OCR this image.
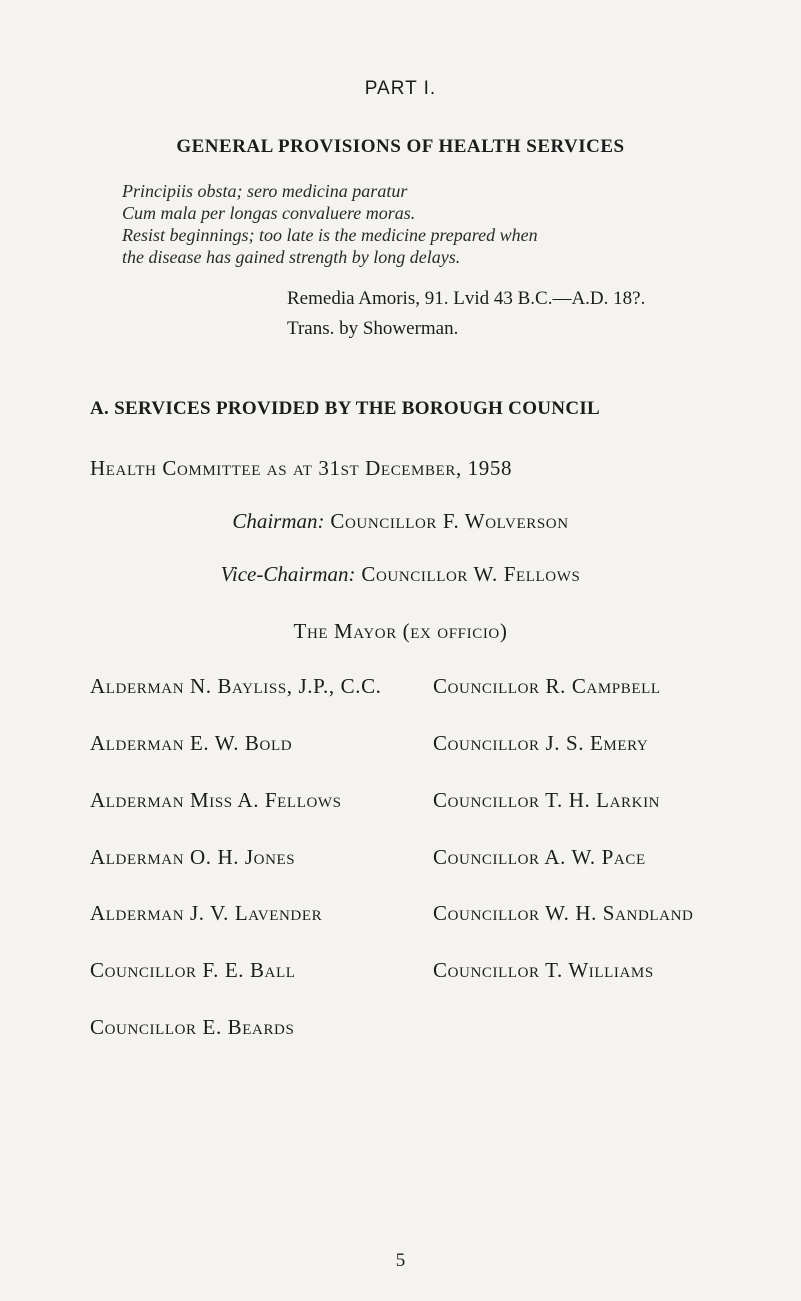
PART I.
GENERAL PROVISIONS OF HEALTH SERVICES
Principiis obsta; sero medicina paratur
Cum mala per longas convaluere moras.
Resist beginnings; too late is the medicine prepared when
the disease has gained strength by long delays.
Remedia Amoris, 91. Lvid 43 B.C.—A.D. 18?.
Trans. by Showerman.
A. SERVICES PROVIDED BY THE BOROUGH COUNCIL
Health Committee as at 31st December, 1958
Chairman: Councillor F. Wolverson
Vice-Chairman: Councillor W. Fellows
The Mayor (ex officio)
Alderman N. Bayliss, J.P., C.C.
Alderman E. W. Bold
Alderman Miss A. Fellows
Alderman O. H. Jones
Alderman J. V. Lavender
Councillor F. E. Ball
Councillor E. Beards
Councillor R. Campbell
Councillor J. S. Emery
Councillor T. H. Larkin
Councillor A. W. Pace
Councillor W. H. Sandland
Councillor T. Williams
5
